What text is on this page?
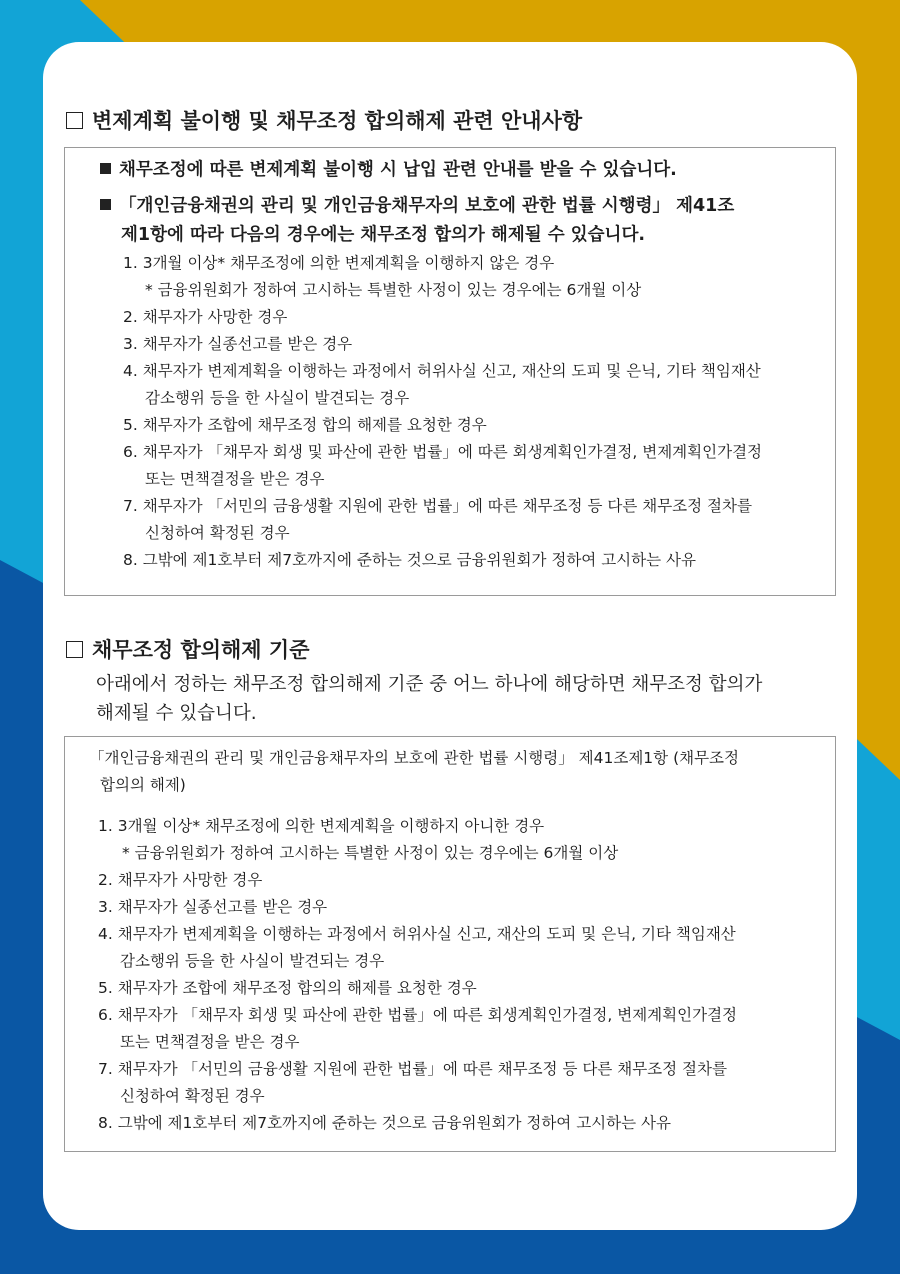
변제계획 불이행 및 채무조정 합의해제 관련 안내사항
채무조정에 따른 변제계획 불이행 시 납입 관련 안내를 받을 수 있습니다.
「개인금융채권의 관리 및 개인금융채무자의 보호에 관한 법률 시행령」 제41조
제1항에 따라 다음의 경우에는 채무조정 합의가 해제될 수 있습니다.
1. 3개월 이상* 채무조정에 의한 변제계획을 이행하지 않은 경우
* 금융위원회가 정하여 고시하는 특별한 사정이 있는 경우에는 6개월 이상
2. 채무자가 사망한 경우
3. 채무자가 실종선고를 받은 경우
4. 채무자가 변제계획을 이행하는 과정에서 허위사실 신고, 재산의 도피 및 은닉, 기타 책임재산
감소행위 등을 한 사실이 발견되는 경우
5. 채무자가 조합에 채무조정 합의 해제를 요청한 경우
6. 채무자가 「채무자 회생 및 파산에 관한 법률」에 따른 회생계획인가결정, 변제계획인가결정
또는 면책결정을 받은 경우
7. 채무자가 「서민의 금융생활 지원에 관한 법률」에 따른 채무조정 등 다른 채무조정 절차를
신청하여 확정된 경우
8. 그밖에 제1호부터 제7호까지에 준하는 것으로 금융위원회가 정하여 고시하는 사유
채무조정 합의해제 기준
아래에서 정하는 채무조정 합의해제 기준 중 어느 하나에 해당하면 채무조정 합의가
해제될 수 있습니다.
「개인금융채권의 관리 및 개인금융채무자의 보호에 관한 법률 시행령」 제41조제1항 (채무조정
합의의 해제)
1. 3개월 이상* 채무조정에 의한 변제계획을 이행하지 아니한 경우
* 금융위원회가 정하여 고시하는 특별한 사정이 있는 경우에는 6개월 이상
2. 채무자가 사망한 경우
3. 채무자가 실종선고를 받은 경우
4. 채무자가 변제계획을 이행하는 과정에서 허위사실 신고, 재산의 도피 및 은닉, 기타 책임재산
감소행위 등을 한 사실이 발견되는 경우
5. 채무자가 조합에 채무조정 합의의 해제를 요청한 경우
6. 채무자가 「채무자 회생 및 파산에 관한 법률」에 따른 회생계획인가결정, 변제계획인가결정
또는 면책결정을 받은 경우
7. 채무자가 「서민의 금융생활 지원에 관한 법률」에 따른 채무조정 등 다른 채무조정 절차를
신청하여 확정된 경우
8. 그밖에 제1호부터 제7호까지에 준하는 것으로 금융위원회가 정하여 고시하는 사유
